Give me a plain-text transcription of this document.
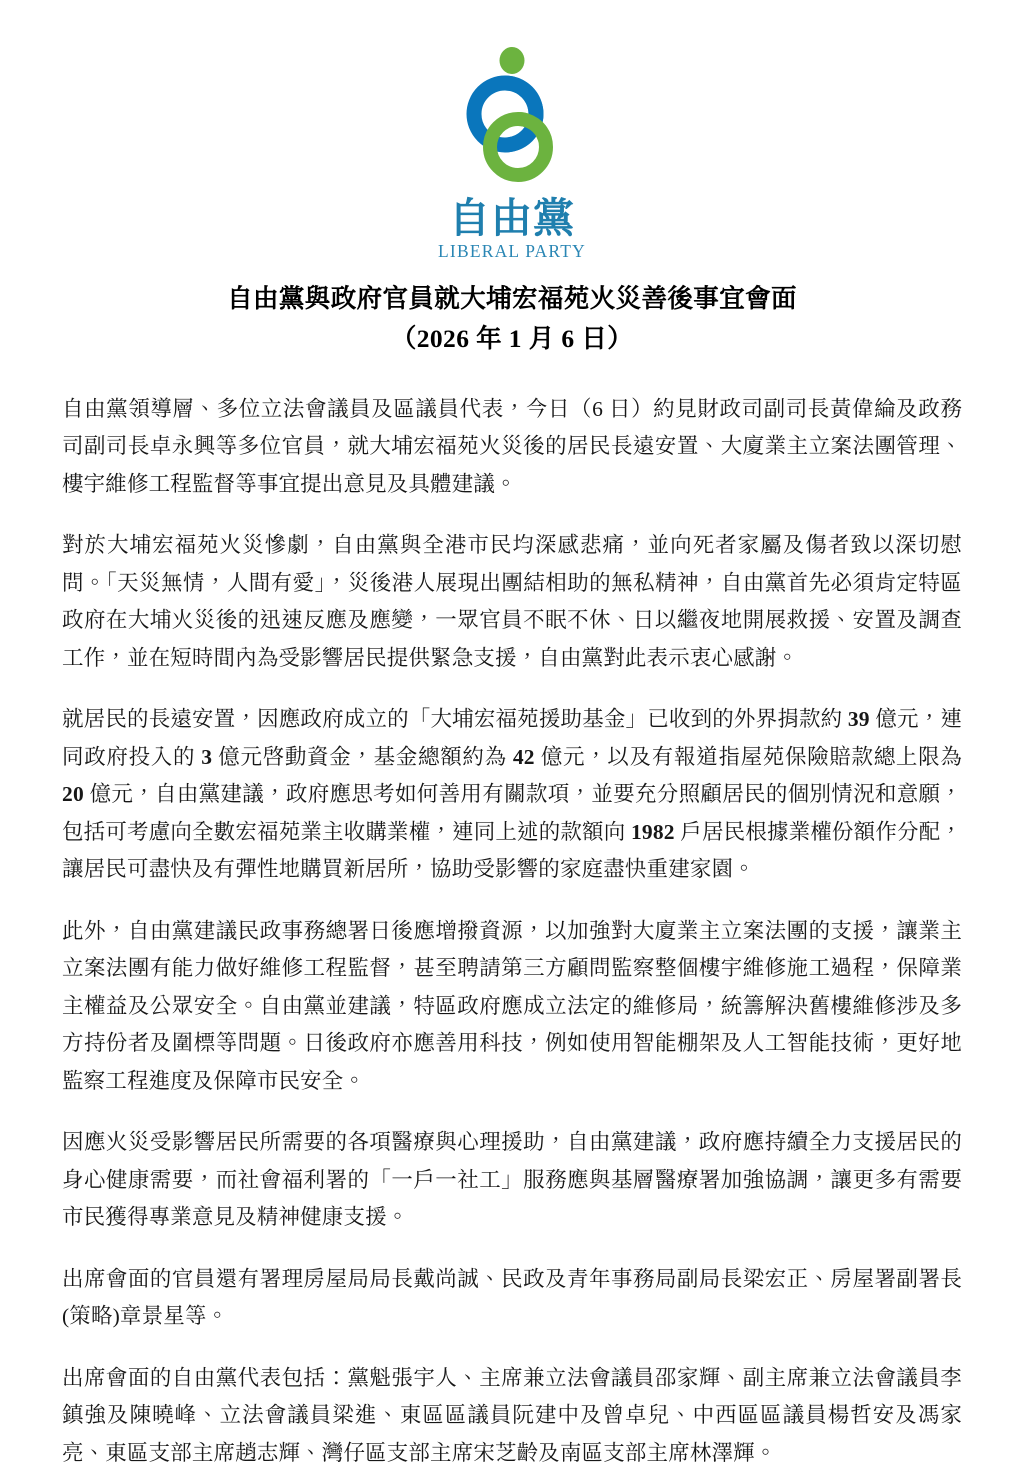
自由黨
LIBERAL PARTY
自由黨與政府官員就大埔宏福苑火災善後事宜會面
（2026 年 1 月 6 日）

自由黨領導層、多位立法會議員及區議員代表，今日（6 日）約見財政司副司長黃偉綸及政務司副司長卓永興等多位官員，就大埔宏福苑火災後的居民長遠安置、大廈業主立案法團管理、樓宇維修工程監督等事宜提出意見及具體建議。

對於大埔宏福苑火災慘劇，自由黨與全港市民均深感悲痛，並向死者家屬及傷者致以深切慰問。「天災無情，人間有愛」，災後港人展現出團結相助的無私精神，自由黨首先必須肯定特區政府在大埔火災後的迅速反應及應變，一眾官員不眠不休、日以繼夜地開展救援、安置及調查工作，並在短時間內為受影響居民提供緊急支援，自由黨對此表示衷心感謝。

就居民的長遠安置，因應政府成立的「大埔宏福苑援助基金」已收到的外界捐款約 39 億元，連同政府投入的 3 億元啓動資金，基金總額約為 42 億元，以及有報道指屋苑保險賠款總上限為 20 億元，自由黨建議，政府應思考如何善用有關款項，並要充分照顧居民的個別情況和意願，包括可考慮向全數宏福苑業主收購業權，連同上述的款額向 1982 戶居民根據業權份額作分配，讓居民可盡快及有彈性地購買新居所，協助受影響的家庭盡快重建家園。

此外，自由黨建議民政事務總署日後應增撥資源，以加強對大廈業主立案法團的支援，讓業主立案法團有能力做好維修工程監督，甚至聘請第三方顧問監察整個樓宇維修施工過程，保障業主權益及公眾安全。自由黨並建議，特區政府應成立法定的維修局，統籌解決舊樓維修涉及多方持份者及圍標等問題。日後政府亦應善用科技，例如使用智能棚架及人工智能技術，更好地監察工程進度及保障市民安全。

因應火災受影響居民所需要的各項醫療與心理援助，自由黨建議，政府應持續全力支援居民的身心健康需要，而社會福利署的「一戶一社工」服務應與基層醫療署加強協調，讓更多有需要市民獲得專業意見及精神健康支援。

出席會面的官員還有署理房屋局局長戴尚誠、民政及青年事務局副局長梁宏正、房屋署副署長(策略)章景星等。

出席會面的自由黨代表包括：黨魁張宇人、主席兼立法會議員邵家輝、副主席兼立法會議員李鎮強及陳曉峰、立法會議員梁進、東區區議員阮建中及曾卓兒、中西區區議員楊哲安及馮家亮、東區支部主席趙志輝、灣仔區支部主席宋芝齡及南區支部主席林澤輝。
